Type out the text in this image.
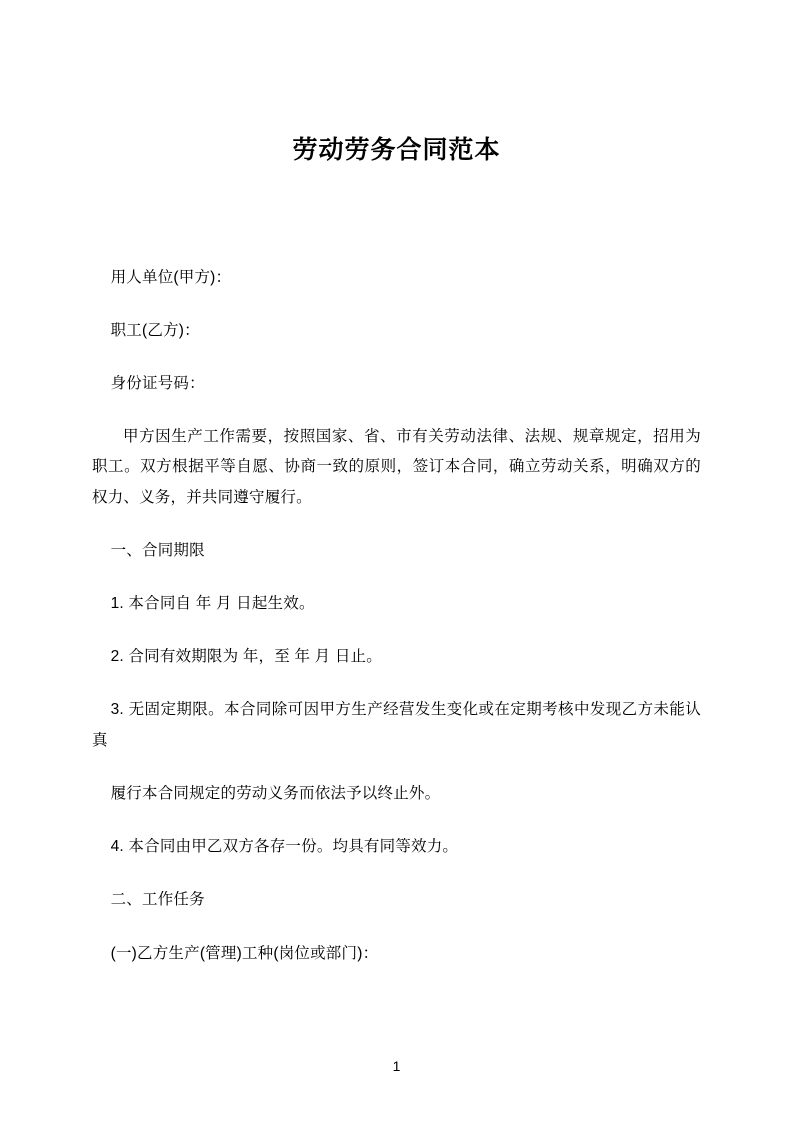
劳动劳务合同范本

用人单位(甲方)：

职工(乙方)：

身份证号码：

甲方因生产工作需要，按照国家、省、市有关劳动法律、法规、规章规定，招用为职工。双方根据平等自愿、协商一致的原则，签订本合同，确立劳动关系，明确双方的权力、义务，并共同遵守履行。

一、合同期限

1. 本合同自 年 月 日起生效。

2. 合同有效期限为 年，至 年 月 日止。

3. 无固定期限。本合同除可因甲方生产经营发生变化或在定期考核中发现乙方未能认真

履行本合同规定的劳动义务而依法予以终止外。

4. 本合同由甲乙双方各存一份。均具有同等效力。

二、工作任务

(一)乙方生产(管理)工种(岗位或部门)：

1
